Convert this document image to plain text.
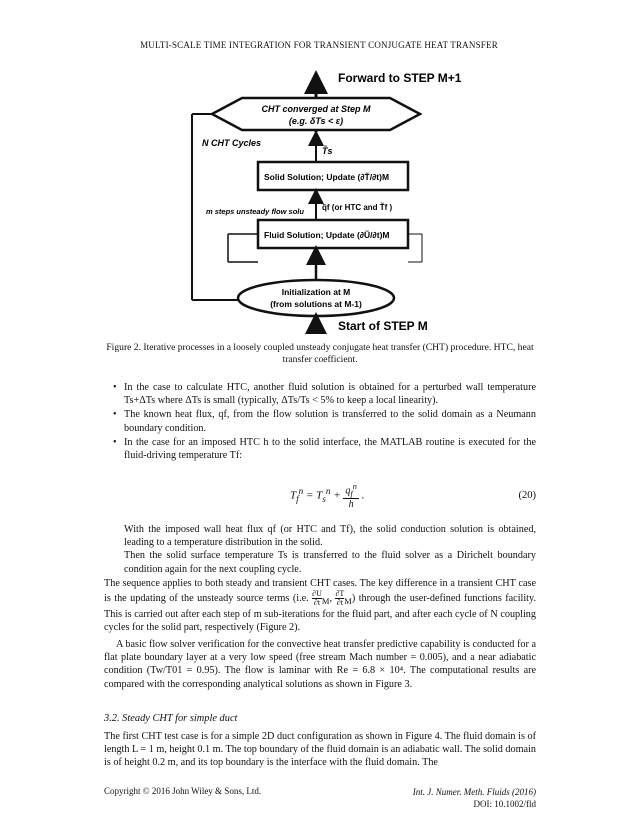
MULTI-SCALE TIME INTEGRATION FOR TRANSIENT CONJUGATE HEAT TRANSFER
Forward to STEP M+1
CHT converged at Step M
(e.g. δTs < ε)
N CHT Cycles
T̃s
Solid Solution; Update (∂T̃/∂t)M
q̃f (or HTC and T̃f )
m steps unsteady flow solu
Fluid Solution; Update (∂Ũ/∂t)M
Initialization at M
(from solutions at M-1)
Start of STEP M
Figure 2. Iterative processes in a loosely coupled unsteady conjugate heat transfer (CHT) procedure. HTC, heat transfer coefficient.
• In the case to calculate HTC, another fluid solution is obtained for a perturbed wall temperature Ts+ΔTs where ΔTs is small (typically, ΔTs/Ts < 5% to keep a local linearity).
• The known heat flux, qf, from the flow solution is transferred to the solid domain as a Neumann boundary condition.
• In the case for an imposed HTC h to the solid interface, the MATLAB routine is executed for the fluid-driving temperature Tf:
$T_f^n = T_s^n + \frac{q_f^n}{h}$ .	(20)
With the imposed wall heat flux qf (or HTC and Tf), the solid conduction solution is obtained, leading to a temperature distribution in the solid.
Then the solid surface temperature Ts is transferred to the fluid solver as a Dirichelt boundary condition again for the next coupling cycle.

The sequence applies to both steady and transient CHT cases. The key difference in a transient CHT case is the updating of the unsteady source terms (i.e. ∂U
∂t $_M$, ∂T
$\partial t_M$) through the user-defined functions facility. This is carried out after each step of m sub-iterations for the fluid part, and after each cycle of N coupling cycles for the solid part, respectively (Figure 2).

A basic flow solver verification for the convective heat transfer predictive capability is conducted for a flat plate boundary layer at a very low speed (free stream Mach number = 0.005), and a near adiabatic condition (Tw/T01 = 0.95). The flow is laminar with Re = 6.8 × 10⁴. The computational results are compared with the corresponding analytical solutions as shown in Figure 3.
3.2. Steady CHT for simple duct
The first CHT test case is for a simple 2D duct configuration as shown in Figure 4. The fluid domain is of length L = 1 m, height 0.1 m. The top boundary of the fluid domain is an adiabatic wall. The solid domain is of height 0.2 m, and its top boundary is the interface with the fluid domain. The
Copyright © 2016 John Wiley & Sons, Ltd.	Int. J. Numer. Meth. Fluids (2016)
DOI: 10.1002/fld
